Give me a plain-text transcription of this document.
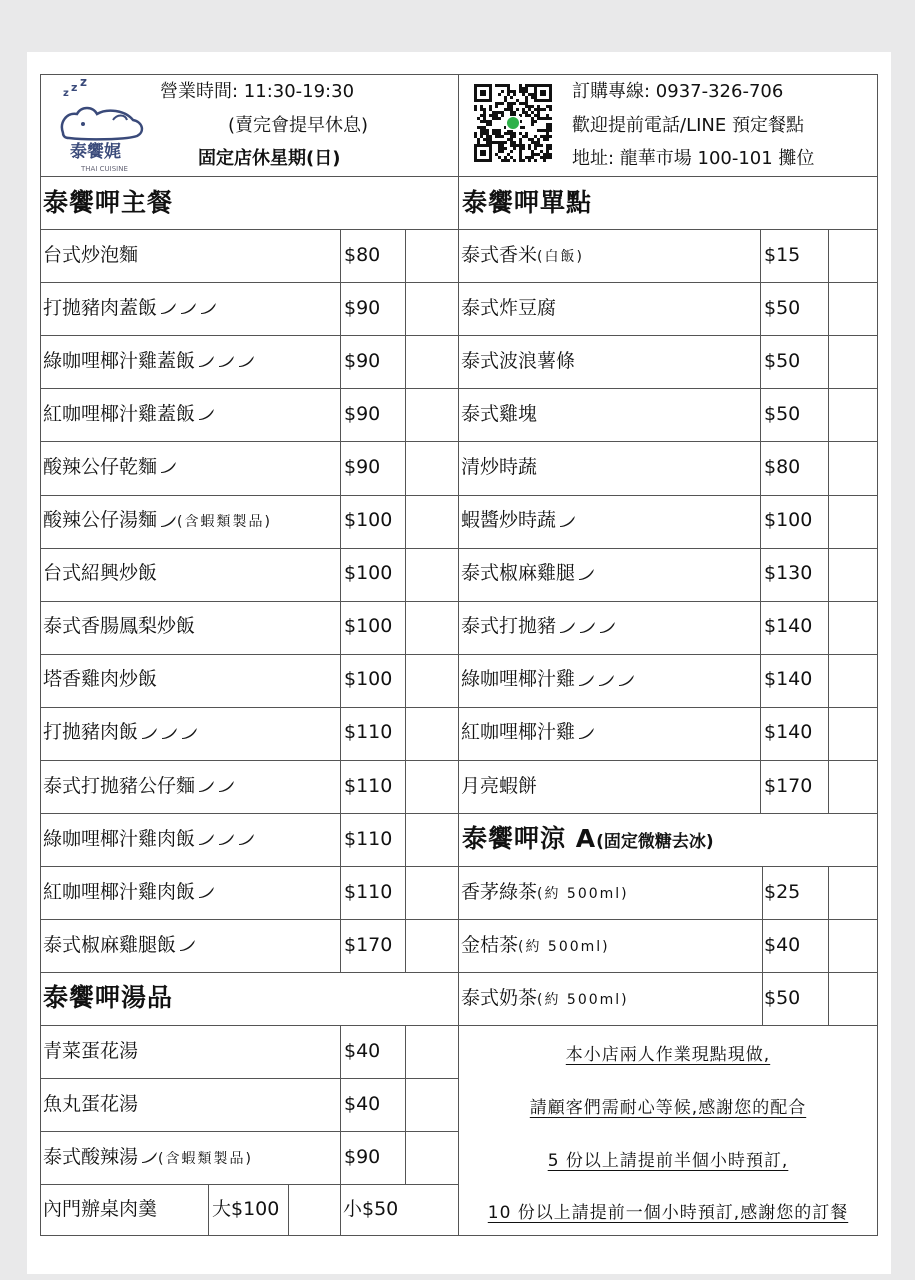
z z z
泰饗娓
THAI CUISINE
營業時間: 11:30-19:30
(賣完會提早休息)
固定店休星期(日)
訂購專線: 0937-326-706
歡迎提前電話/LINE 預定餐點
地址: 龍華市場 100-101 攤位
泰饗呷主餐	泰饗呷單點
泰饗呷湯品
泰饗呷涼 A(固定微糖去冰)
台式炒泡麵	$80
打拋豬肉蓋飯	$90
綠咖哩椰汁雞蓋飯	$90
紅咖哩椰汁雞蓋飯	$90
酸辣公仔乾麵	$90
酸辣公仔湯麵 (含蝦類製品)	$100
台式紹興炒飯	$100
泰式香腸鳳梨炒飯	$100
塔香雞肉炒飯	$100
打拋豬肉飯	$110
泰式打拋豬公仔麵	$110
綠咖哩椰汁雞肉飯	$110
紅咖哩椰汁雞肉飯	$110
泰式椒麻雞腿飯	$170
青菜蛋花湯	$40
魚丸蛋花湯	$40
泰式酸辣湯 (含蝦類製品)	$90
內門辦桌肉羹	大$100	小$50
泰式香米(白飯)	$15
泰式炸豆腐	$50
泰式波浪薯條	$50
泰式雞塊	$50
清炒時蔬	$80
蝦醬炒時蔬	$100
泰式椒麻雞腿	$130
泰式打拋豬	$140
綠咖哩椰汁雞	$140
紅咖哩椰汁雞	$140
月亮蝦餅	$170
香茅綠茶(約 500ml)	$25
金桔茶(約 500ml)	$40
泰式奶茶(約 500ml)	$50
本小店兩人作業現點現做,
請顧客們需耐心等候,感謝您的配合
5 份以上請提前半個小時預訂,
10 份以上請提前一個小時預訂,感謝您的訂餐
